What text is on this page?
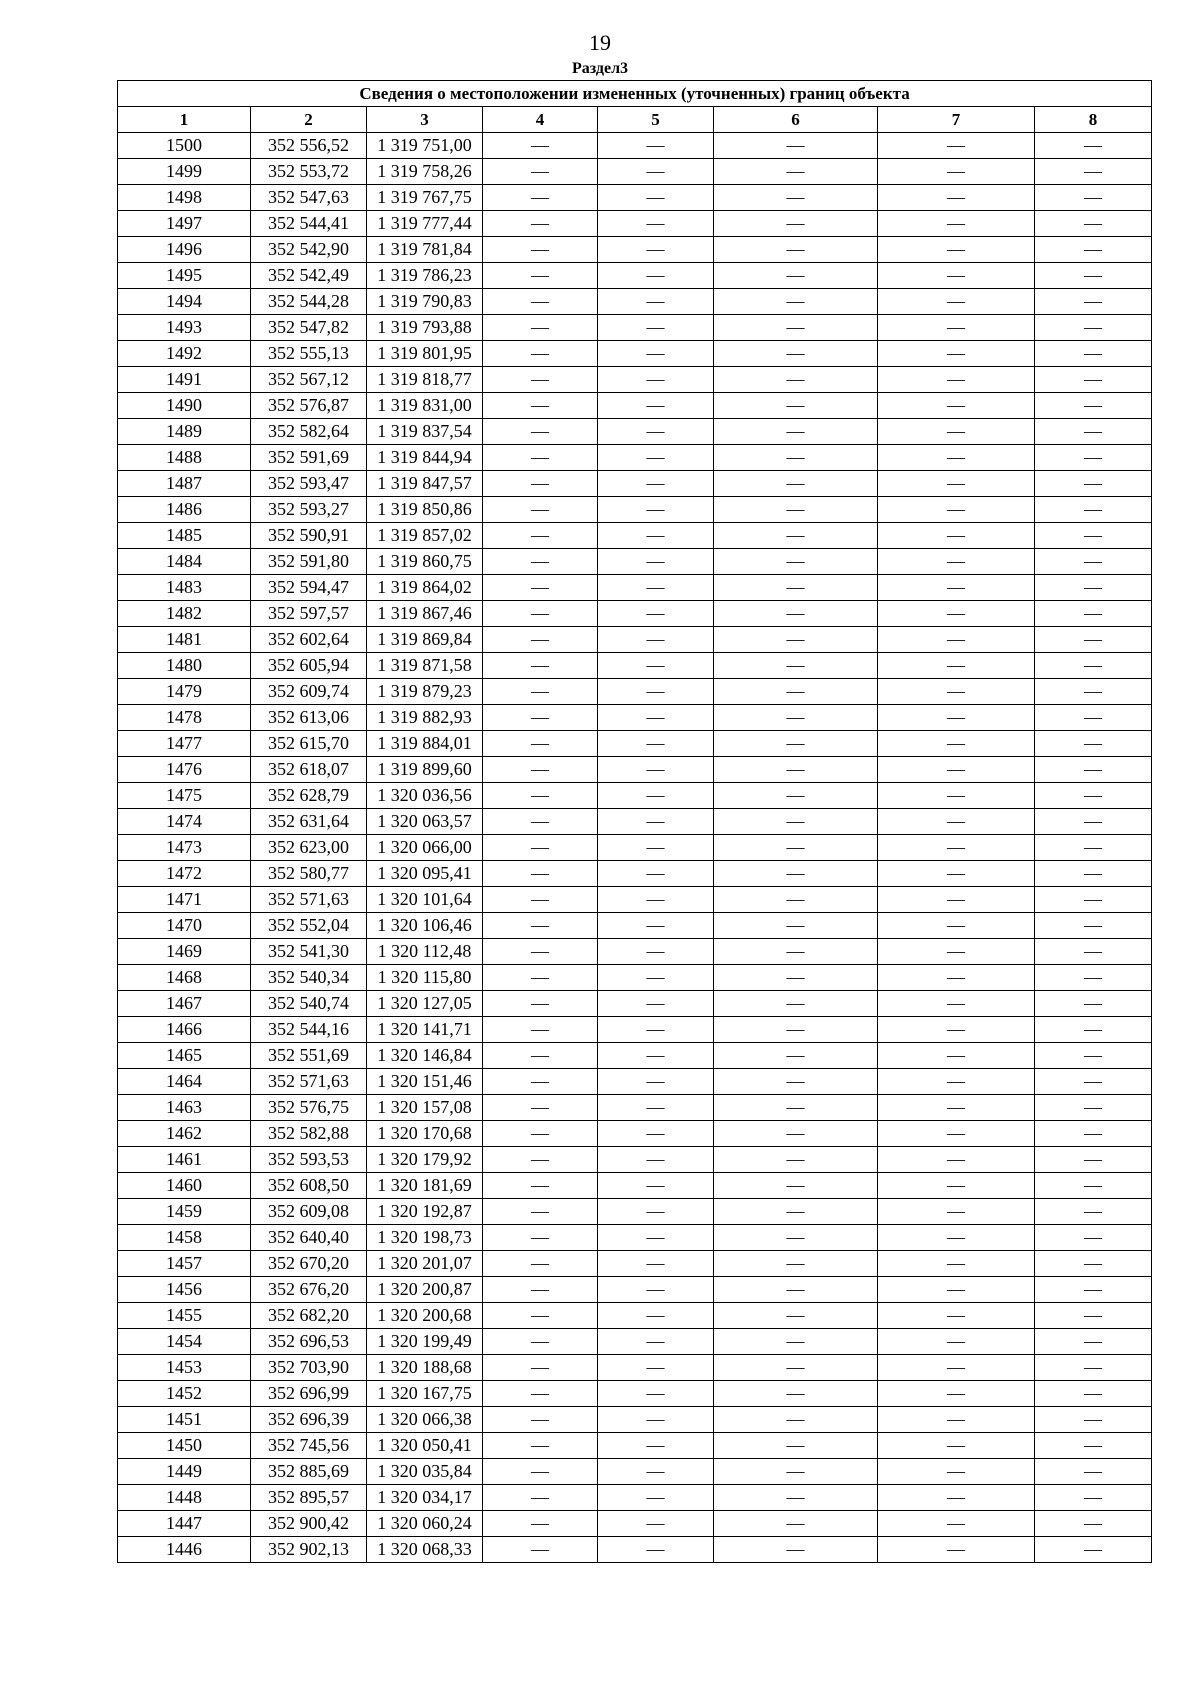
19
Раздел3
Сведения о местоположении измененных (уточненных) границ объекта							
1	2	3	4	5	6	7	8
1500	352 556,52	1 319 751,00	—	—	—	—	—
1499	352 553,72	1 319 758,26	—	—	—	—	—
1498	352 547,63	1 319 767,75	—	—	—	—	—
1497	352 544,41	1 319 777,44	—	—	—	—	—
1496	352 542,90	1 319 781,84	—	—	—	—	—
1495	352 542,49	1 319 786,23	—	—	—	—	—
1494	352 544,28	1 319 790,83	—	—	—	—	—
1493	352 547,82	1 319 793,88	—	—	—	—	—
1492	352 555,13	1 319 801,95	—	—	—	—	—
1491	352 567,12	1 319 818,77	—	—	—	—	—
1490	352 576,87	1 319 831,00	—	—	—	—	—
1489	352 582,64	1 319 837,54	—	—	—	—	—
1488	352 591,69	1 319 844,94	—	—	—	—	—
1487	352 593,47	1 319 847,57	—	—	—	—	—
1486	352 593,27	1 319 850,86	—	—	—	—	—
1485	352 590,91	1 319 857,02	—	—	—	—	—
1484	352 591,80	1 319 860,75	—	—	—	—	—
1483	352 594,47	1 319 864,02	—	—	—	—	—
1482	352 597,57	1 319 867,46	—	—	—	—	—
1481	352 602,64	1 319 869,84	—	—	—	—	—
1480	352 605,94	1 319 871,58	—	—	—	—	—
1479	352 609,74	1 319 879,23	—	—	—	—	—
1478	352 613,06	1 319 882,93	—	—	—	—	—
1477	352 615,70	1 319 884,01	—	—	—	—	—
1476	352 618,07	1 319 899,60	—	—	—	—	—
1475	352 628,79	1 320 036,56	—	—	—	—	—
1474	352 631,64	1 320 063,57	—	—	—	—	—
1473	352 623,00	1 320 066,00	—	—	—	—	—
1472	352 580,77	1 320 095,41	—	—	—	—	—
1471	352 571,63	1 320 101,64	—	—	—	—	—
1470	352 552,04	1 320 106,46	—	—	—	—	—
1469	352 541,30	1 320 112,48	—	—	—	—	—
1468	352 540,34	1 320 115,80	—	—	—	—	—
1467	352 540,74	1 320 127,05	—	—	—	—	—
1466	352 544,16	1 320 141,71	—	—	—	—	—
1465	352 551,69	1 320 146,84	—	—	—	—	—
1464	352 571,63	1 320 151,46	—	—	—	—	—
1463	352 576,75	1 320 157,08	—	—	—	—	—
1462	352 582,88	1 320 170,68	—	—	—	—	—
1461	352 593,53	1 320 179,92	—	—	—	—	—
1460	352 608,50	1 320 181,69	—	—	—	—	—
1459	352 609,08	1 320 192,87	—	—	—	—	—
1458	352 640,40	1 320 198,73	—	—	—	—	—
1457	352 670,20	1 320 201,07	—	—	—	—	—
1456	352 676,20	1 320 200,87	—	—	—	—	—
1455	352 682,20	1 320 200,68	—	—	—	—	—
1454	352 696,53	1 320 199,49	—	—	—	—	—
1453	352 703,90	1 320 188,68	—	—	—	—	—
1452	352 696,99	1 320 167,75	—	—	—	—	—
1451	352 696,39	1 320 066,38	—	—	—	—	—
1450	352 745,56	1 320 050,41	—	—	—	—	—
1449	352 885,69	1 320 035,84	—	—	—	—	—
1448	352 895,57	1 320 034,17	—	—	—	—	—
1447	352 900,42	1 320 060,24	—	—	—	—	—
1446	352 902,13	1 320 068,33	—	—	—	—	—
